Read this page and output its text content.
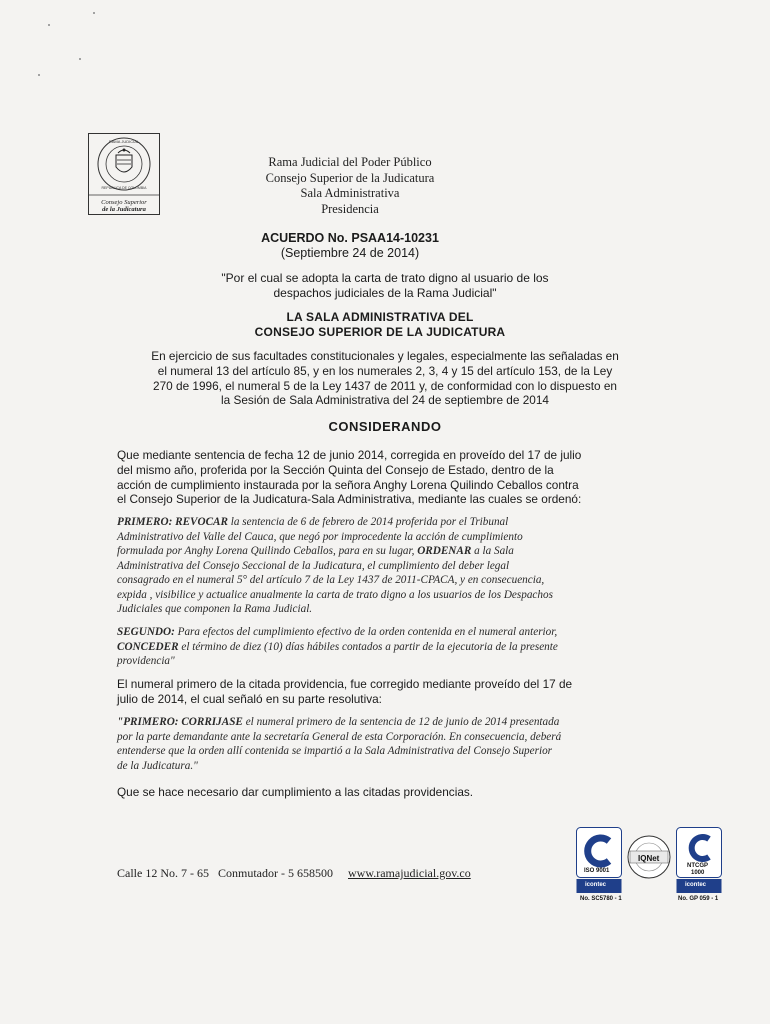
Consejo Superior
de la Judicatura
RAMA JUDICIAL
REPUBLICA DE COLOMBIA
Rama Judicial del Poder Público
Consejo Superior de la Judicatura
Sala Administrativa
Presidencia
ACUERDO No. PSAA14-10231
(Septiembre 24 de 2014)
"Por el cual se adopta la carta de trato digno al usuario de los
despachos judiciales de la Rama Judicial"
LA SALA ADMINISTRATIVA DEL
CONSEJO SUPERIOR DE LA JUDICATURA
En ejercicio de sus facultades constitucionales y legales, especialmente las señaladas en
el numeral 13 del artículo 85, y en los numerales 2, 3, 4 y 15 del artículo 153, de la Ley
270 de 1996, el numeral 5 de la Ley 1437 de 2011 y, de conformidad con lo dispuesto en
la Sesión de Sala Administrativa del 24 de septiembre de 2014
CONSIDERANDO
Que mediante sentencia de fecha 12 de junio 2014, corregida en proveído del 17 de julio
del mismo año, proferida por la Sección Quinta del Consejo de Estado, dentro de la
acción de cumplimiento instaurada por la señora Anghy Lorena Quilindo Ceballos contra
el Consejo Superior de la Judicatura-Sala Administrativa, mediante las cuales se ordenó:
PRIMERO: REVOCAR la sentencia de 6 de febrero de 2014 proferida por el Tribunal
Administrativo del Valle del Cauca, que negó por improcedente la acción de cumplimiento
formulada por Anghy Lorena Quilindo Ceballos, para en su lugar, ORDENAR a la Sala
Administrativa del Consejo Seccional de la Judicatura, el cumplimiento del deber legal
consagrado en el numeral 5° del artículo 7 de la Ley 1437 de 2011-CPACA, y en consecuencia,
expida , visibilice y actualice anualmente la carta de trato digno a los usuarios de los Despachos
Judiciales que componen la Rama Judicial.
SEGUNDO: Para efectos del cumplimiento efectivo de la orden contenida en el numeral anterior,
CONCEDER el término de diez (10) días hábiles contados a partir de la ejecutoria de la presente
providencia"
El numeral primero de la citada providencia, fue corregido mediante proveído del 17 de
julio de 2014, el cual señaló en su parte resolutiva:
"PRIMERO: CORRIJASE el numeral primero de la sentencia de 12 de junio de 2014 presentada
por la parte demandante ante la secretaría General de esta Corporación. En consecuencia, deberá
entenderse que la orden allí contenida se impartió a la Sala Administrativa del Consejo Superior
de la Judicatura."
Que se hace necesario dar cumplimiento a las citadas providencias.
Calle 12 No. 7 - 65 Conmutador - 5 658500 www.ramajudicial.gov.co	ISO 9001
icontec
No. SC5780 - 1
IQNet
NTCGP
1000
icontec
No. GP 059 - 1
